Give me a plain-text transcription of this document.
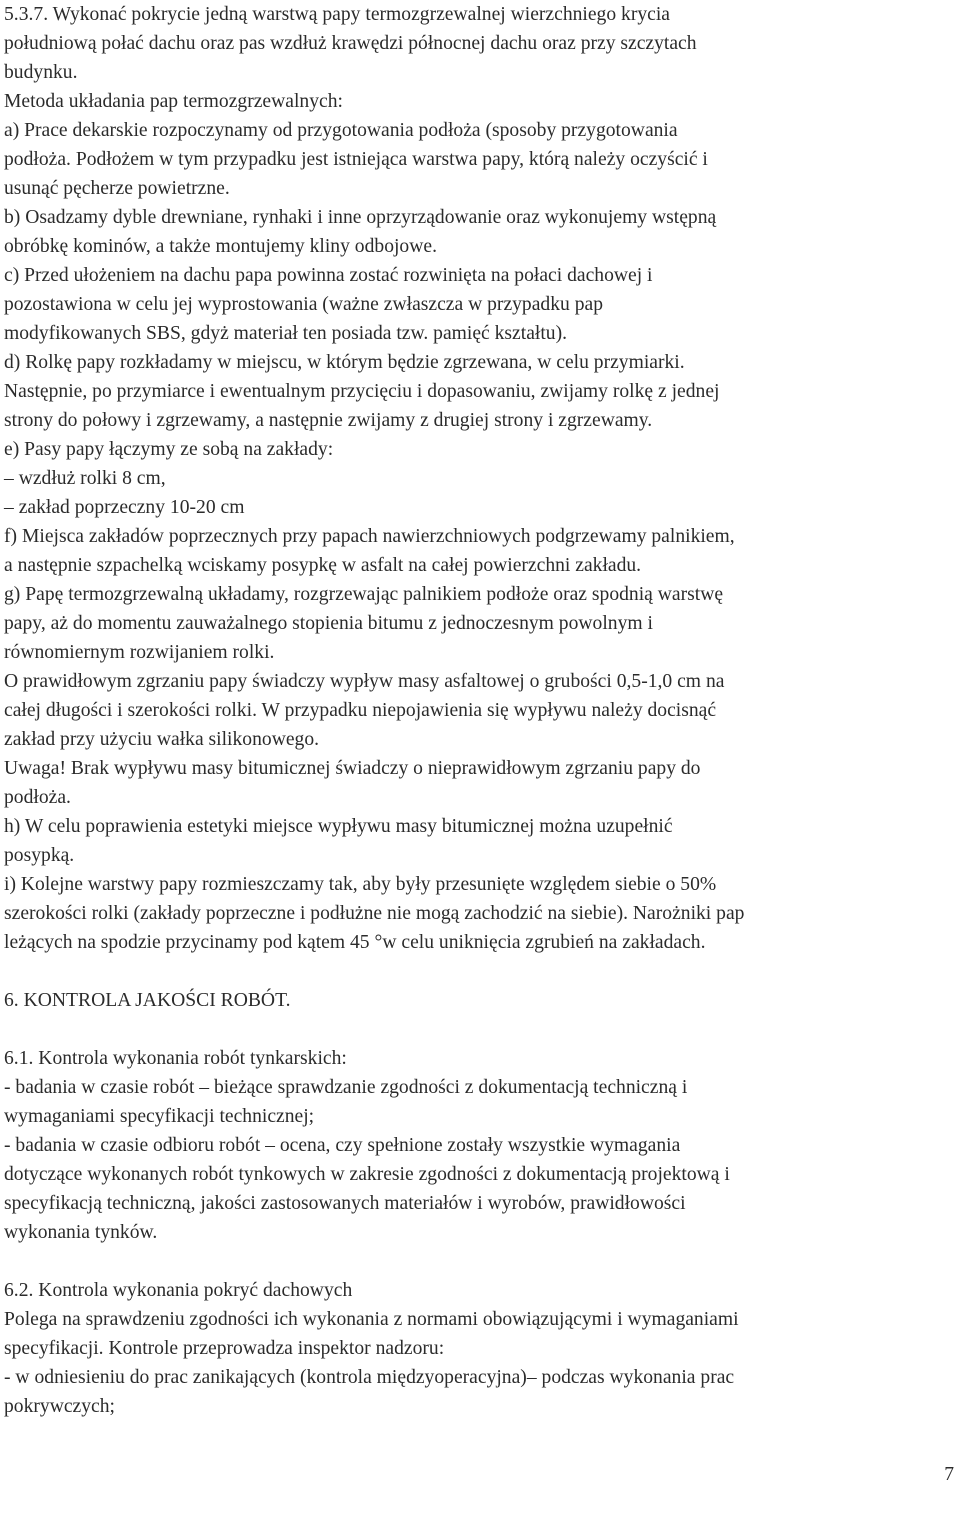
5.3.7. Wykonać pokrycie jedną warstwą papy termozgrzewalnej wierzchniego krycia
południową połać dachu oraz pas wzdłuż krawędzi północnej dachu oraz przy szczytach
budynku.
Metoda układania pap termozgrzewalnych:
a) Prace dekarskie rozpoczynamy od przygotowania podłoża (sposoby przygotowania
podłoża. Podłożem w tym przypadku jest istniejąca warstwa papy, którą należy oczyścić i
usunąć pęcherze powietrzne.
b) Osadzamy dyble drewniane, rynhaki i inne oprzyrządowanie oraz wykonujemy wstępną
obróbkę kominów, a także montujemy kliny odbojowe.
c) Przed ułożeniem na dachu papa powinna zostać rozwinięta na połaci dachowej i
pozostawiona w celu jej wyprostowania (ważne zwłaszcza w przypadku pap
modyfikowanych SBS, gdyż materiał ten posiada tzw. pamięć kształtu).
d) Rolkę papy rozkładamy w miejscu, w którym będzie zgrzewana, w celu przymiarki.
Następnie, po przymiarce i ewentualnym przycięciu i dopasowaniu, zwijamy rolkę z jednej
strony do połowy i zgrzewamy, a następnie zwijamy z drugiej strony i zgrzewamy.
e) Pasy papy łączymy ze sobą na zakłady:
– wzdłuż rolki 8 cm,
– zakład poprzeczny 10-20 cm
f) Miejsca zakładów poprzecznych przy papach nawierzchniowych podgrzewamy palnikiem,
a następnie szpachelką wciskamy posypkę w asfalt na całej powierzchni zakładu.
g) Papę termozgrzewalną układamy, rozgrzewając palnikiem podłoże oraz spodnią warstwę
papy, aż do momentu zauważalnego stopienia bitumu z jednoczesnym powolnym i
równomiernym rozwijaniem rolki.
O prawidłowym zgrzaniu papy świadczy wypływ masy asfaltowej o grubości 0,5-1,0 cm na
całej długości i szerokości rolki. W przypadku niepojawienia się wypływu należy docisnąć
zakład przy użyciu wałka silikonowego.
Uwaga! Brak wypływu masy bitumicznej świadczy o nieprawidłowym zgrzaniu papy do
podłoża.
h) W celu poprawienia estetyki miejsce wypływu masy bitumicznej można uzupełnić
posypką.
i) Kolejne warstwy papy rozmieszczamy tak, aby były przesunięte względem siebie o 50%
szerokości rolki (zakłady poprzeczne i podłużne nie mogą zachodzić na siebie). Narożniki pap
leżących na spodzie przycinamy pod kątem 45 °w celu uniknięcia zgrubień na zakładach.
6. KONTROLA JAKOŚCI ROBÓT.
6.1. Kontrola wykonania robót tynkarskich:
- badania w czasie robót – bieżące sprawdzanie zgodności z dokumentacją techniczną i
wymaganiami specyfikacji technicznej;
- badania w czasie odbioru robót – ocena, czy spełnione zostały wszystkie wymagania
dotyczące wykonanych robót tynkowych w zakresie zgodności z dokumentacją projektową i
specyfikacją techniczną, jakości zastosowanych materiałów i wyrobów, prawidłowości
wykonania tynków.
6.2. Kontrola wykonania pokryć dachowych
Polega na sprawdzeniu zgodności ich wykonania z normami obowiązującymi i wymaganiami
specyfikacji. Kontrole przeprowadza inspektor nadzoru:
- w odniesieniu do prac zanikających (kontrola międzyoperacyjna)– podczas wykonania prac
pokrywczych;
7
